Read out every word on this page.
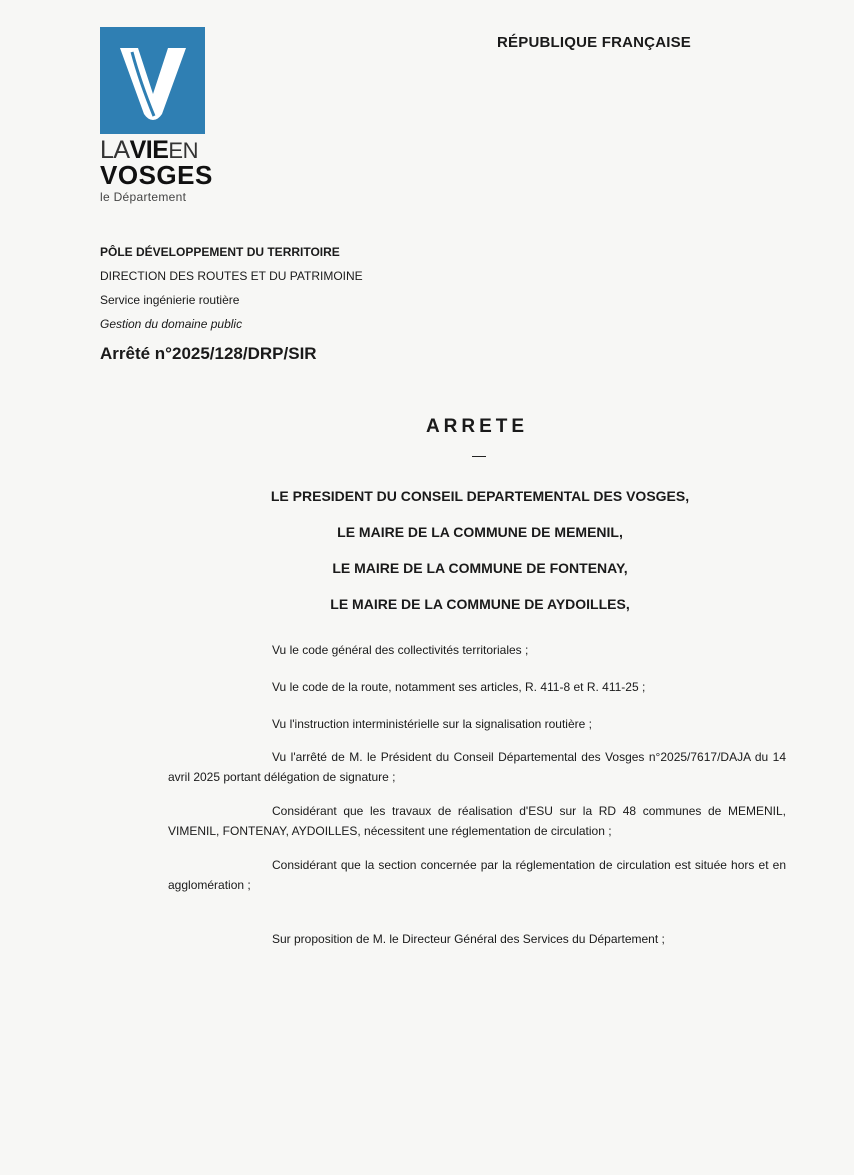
LAVIEEN
VOSGES
le Département
RÉPUBLIQUE FRANÇAISE
PÔLE DÉVELOPPEMENT DU TERRITOIRE
DIRECTION DES ROUTES ET DU PATRIMOINE
Service ingénierie routière
Gestion du domaine public
Arrêté n°2025/128/DRP/SIR
ARRETE
LE PRESIDENT DU CONSEIL DEPARTEMENTAL DES VOSGES,
LE MAIRE DE LA COMMUNE DE MEMENIL,
LE MAIRE DE LA COMMUNE DE FONTENAY,
LE MAIRE DE LA COMMUNE DE AYDOILLES,
Vu le code général des collectivités territoriales ;
Vu le code de la route, notamment ses articles, R. 411-8 et R. 411-25 ;
Vu l'instruction interministérielle sur la signalisation routière ;
Vu l'arrêté de M. le Président du Conseil Départemental des Vosges n°2025/7617/DAJA du 14 avril 2025 portant délégation de signature ;
Considérant que les travaux de réalisation d'ESU sur la RD 48 communes de MEMENIL, VIMENIL, FONTENAY, AYDOILLES, nécessitent une réglementation de circulation ;
Considérant que la section concernée par la réglementation de circulation est située hors et en agglomération ;
Sur proposition de M. le Directeur Général des Services du Département ;
